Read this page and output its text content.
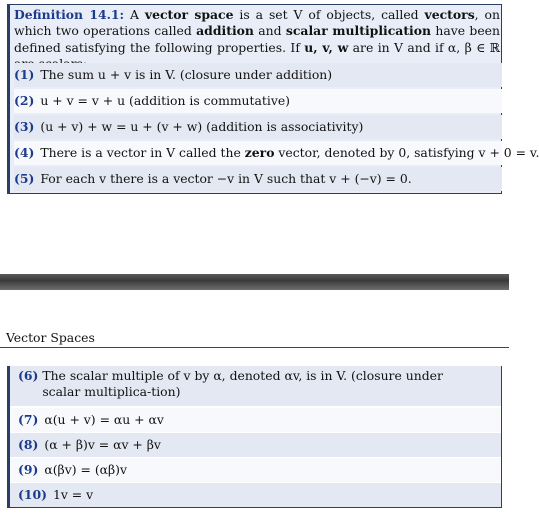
Definition 14.1: A vector space is a set V of objects, called vectors, on which two operations called addition and scalar multiplication have been defined satisfying the following properties. If u, v, w are in V and if α, β ∈ ℝ
(1) The sum u + v is in V. (closure under addition)
(2) u + v = v + u (addition is commutative)
(3) (u + v) + w = u + (v + w) (addition is associativity)
(4) There is a vector in V called the zero vector, denoted by 0, satisfying v + 0 = v.
(5) For each v there is a vector −v in V such that v + (−v) = 0.
Vector Spaces
(6) The scalar multiple of v by α, denoted αv, is in V. (closure under scalar multiplica-tion)
(7) α(u + v) = αu + αv
(8) (α + β)v = αv + βv
(9) α(βv) = (αβ)v
(10) 1v = v
